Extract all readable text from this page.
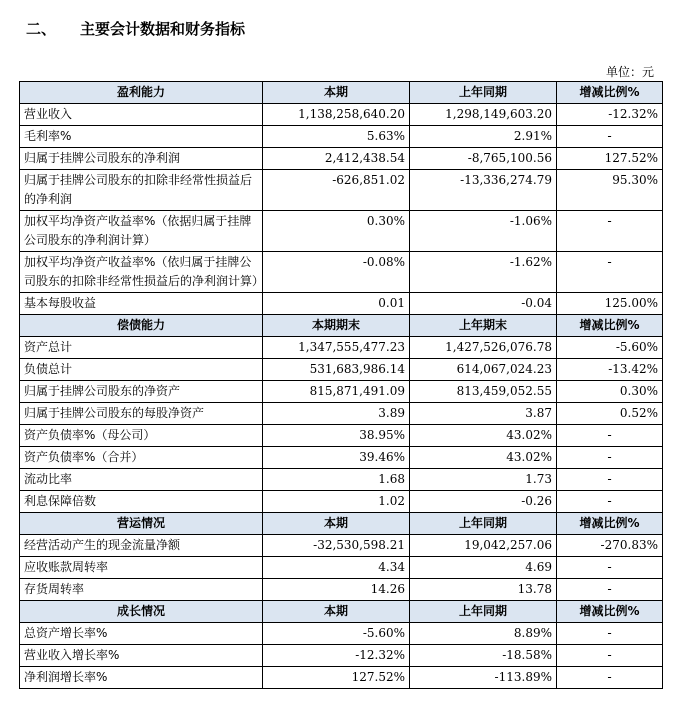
二、 主要会计数据和财务指标
单位：元
盈利能力	本期	上年同期	增减比例%
营业收入	1,138,258,640.20	1,298,149,603.20	-12.32%
毛利率%	5.63%	2.91%	-
归属于挂牌公司股东的净利润	2,412,438.54	-8,765,100.56	127.52%
归属于挂牌公司股东的扣除非经常性损益后的净利润	-626,851.02	-13,336,274.79	95.30%
加权平均净资产收益率%（依据归属于挂牌公司股东的净利润计算）	0.30%	-1.06%	-
加权平均净资产收益率%（依归属于挂牌公司股东的扣除非经常性损益后的净利润计算）	-0.08%	-1.62%	-
基本每股收益	0.01	-0.04	125.00%
偿债能力	本期期末	上年期末	增减比例%
资产总计	1,347,555,477.23	1,427,526,076.78	-5.60%
负债总计	531,683,986.14	614,067,024.23	-13.42%
归属于挂牌公司股东的净资产	815,871,491.09	813,459,052.55	0.30%
归属于挂牌公司股东的每股净资产	3.89	3.87	0.52%
资产负债率%（母公司）	38.95%	43.02%	-
资产负债率%（合并）	39.46%	43.02%	-
流动比率	1.68	1.73	-
利息保障倍数	1.02	-0.26	-
营运情况	本期	上年同期	增减比例%
经营活动产生的现金流量净额	-32,530,598.21	19,042,257.06	-270.83%
应收账款周转率	4.34	4.69	-
存货周转率	14.26	13.78	-
成长情况	本期	上年同期	增减比例%
总资产增长率%	-5.60%	8.89%	-
营业收入增长率%	-12.32%	-18.58%	-
净利润增长率%	127.52%	-113.89%	-
